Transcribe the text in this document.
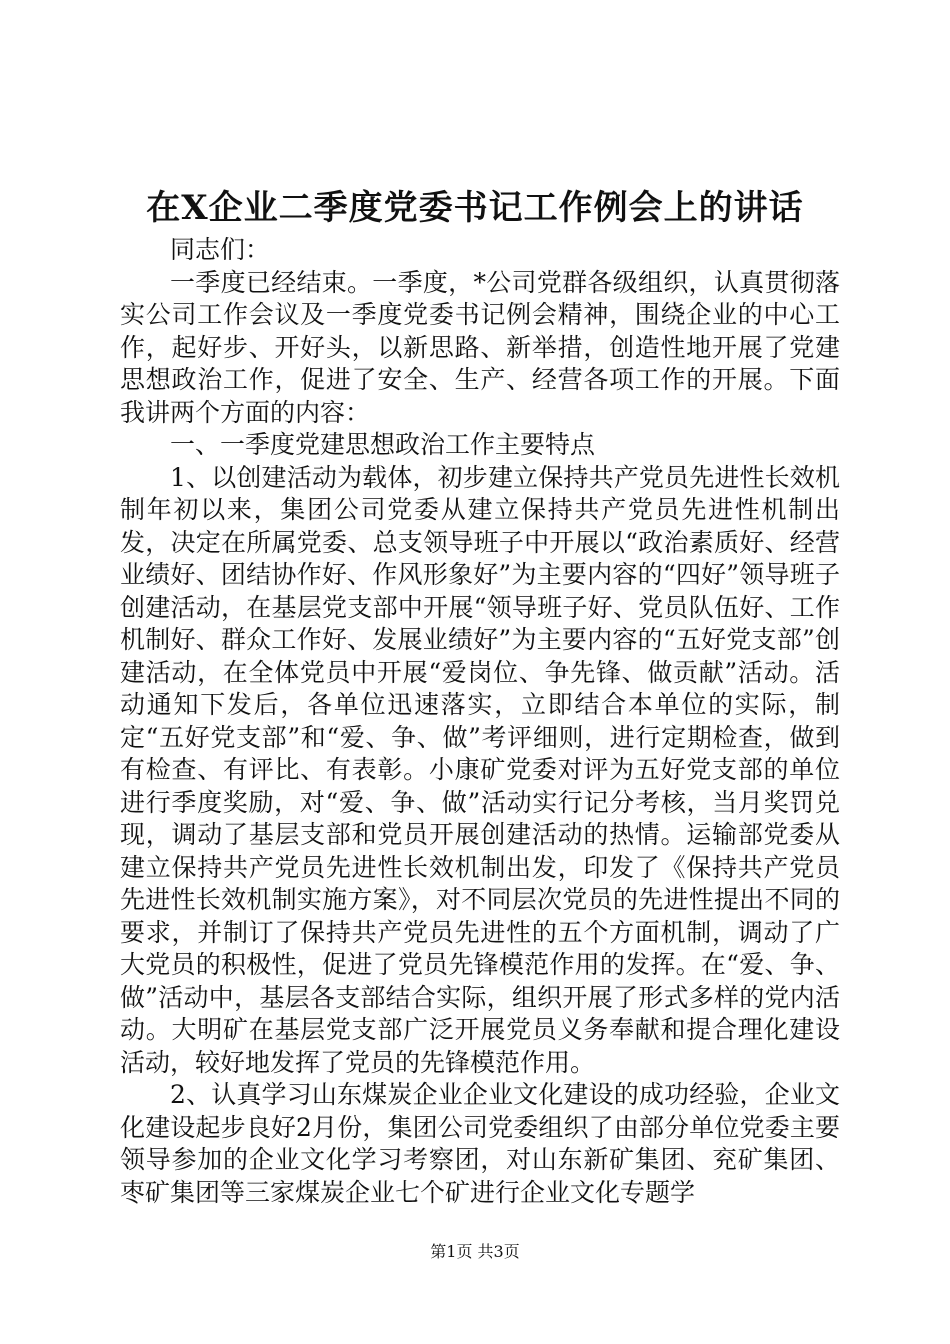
在X企业二季度党委书记工作例会上的讲话

同志们：

一季度已经结束。一季度，*公司党群各级组织，认真贯彻落实公司工作会议及一季度党委书记例会精神，围绕企业的中心工作，起好步、开好头，以新思路、新举措，创造性地开展了党建思想政治工作，促进了安全、生产、经营各项工作的开展。下面我讲两个方面的内容：

一、一季度党建思想政治工作主要特点

1、以创建活动为载体，初步建立保持共产党员先进性长效机制年初以来，集团公司党委从建立保持共产党员先进性机制出发，决定在所属党委、总支领导班子中开展以“政治素质好、经营业绩好、团结协作好、作风形象好”为主要内容的“四好”领导班子创建活动，在基层党支部中开展“领导班子好、党员队伍好、工作机制好、群众工作好、发展业绩好”为主要内容的“五好党支部”创建活动，在全体党员中开展“爱岗位、争先锋、做贡献”活动。活动通知下发后，各单位迅速落实，立即结合本单位的实际，制定“五好党支部”和“爱、争、做”考评细则，进行定期检查，做到有检查、有评比、有表彰。小康矿党委对评为五好党支部的单位进行季度奖励，对“爱、争、做”活动实行记分考核，当月奖罚兑现，调动了基层支部和党员开展创建活动的热情。运输部党委从建立保持共产党员先进性长效机制出发，印发了《保持共产党员先进性长效机制实施方案》，对不同层次党员的先进性提出不同的要求，并制订了保持共产党员先进性的五个方面机制，调动了广大党员的积极性，促进了党员先锋模范作用的发挥。在“爱、争、做”活动中，基层各支部结合实际，组织开展了形式多样的党内活动。大明矿在基层党支部广泛开展党员义务奉献和提合理化建设活动，较好地发挥了党员的先锋模范作用。

2、认真学习山东煤炭企业企业文化建设的成功经验，企业文化建设起步良好2月份，集团公司党委组织了由部分单位党委主要领导参加的企业文化学习考察团，对山东新矿集团、兖矿集团、枣矿集团等三家煤炭企业七个矿进行企业文化专题学

第1页 共3页
